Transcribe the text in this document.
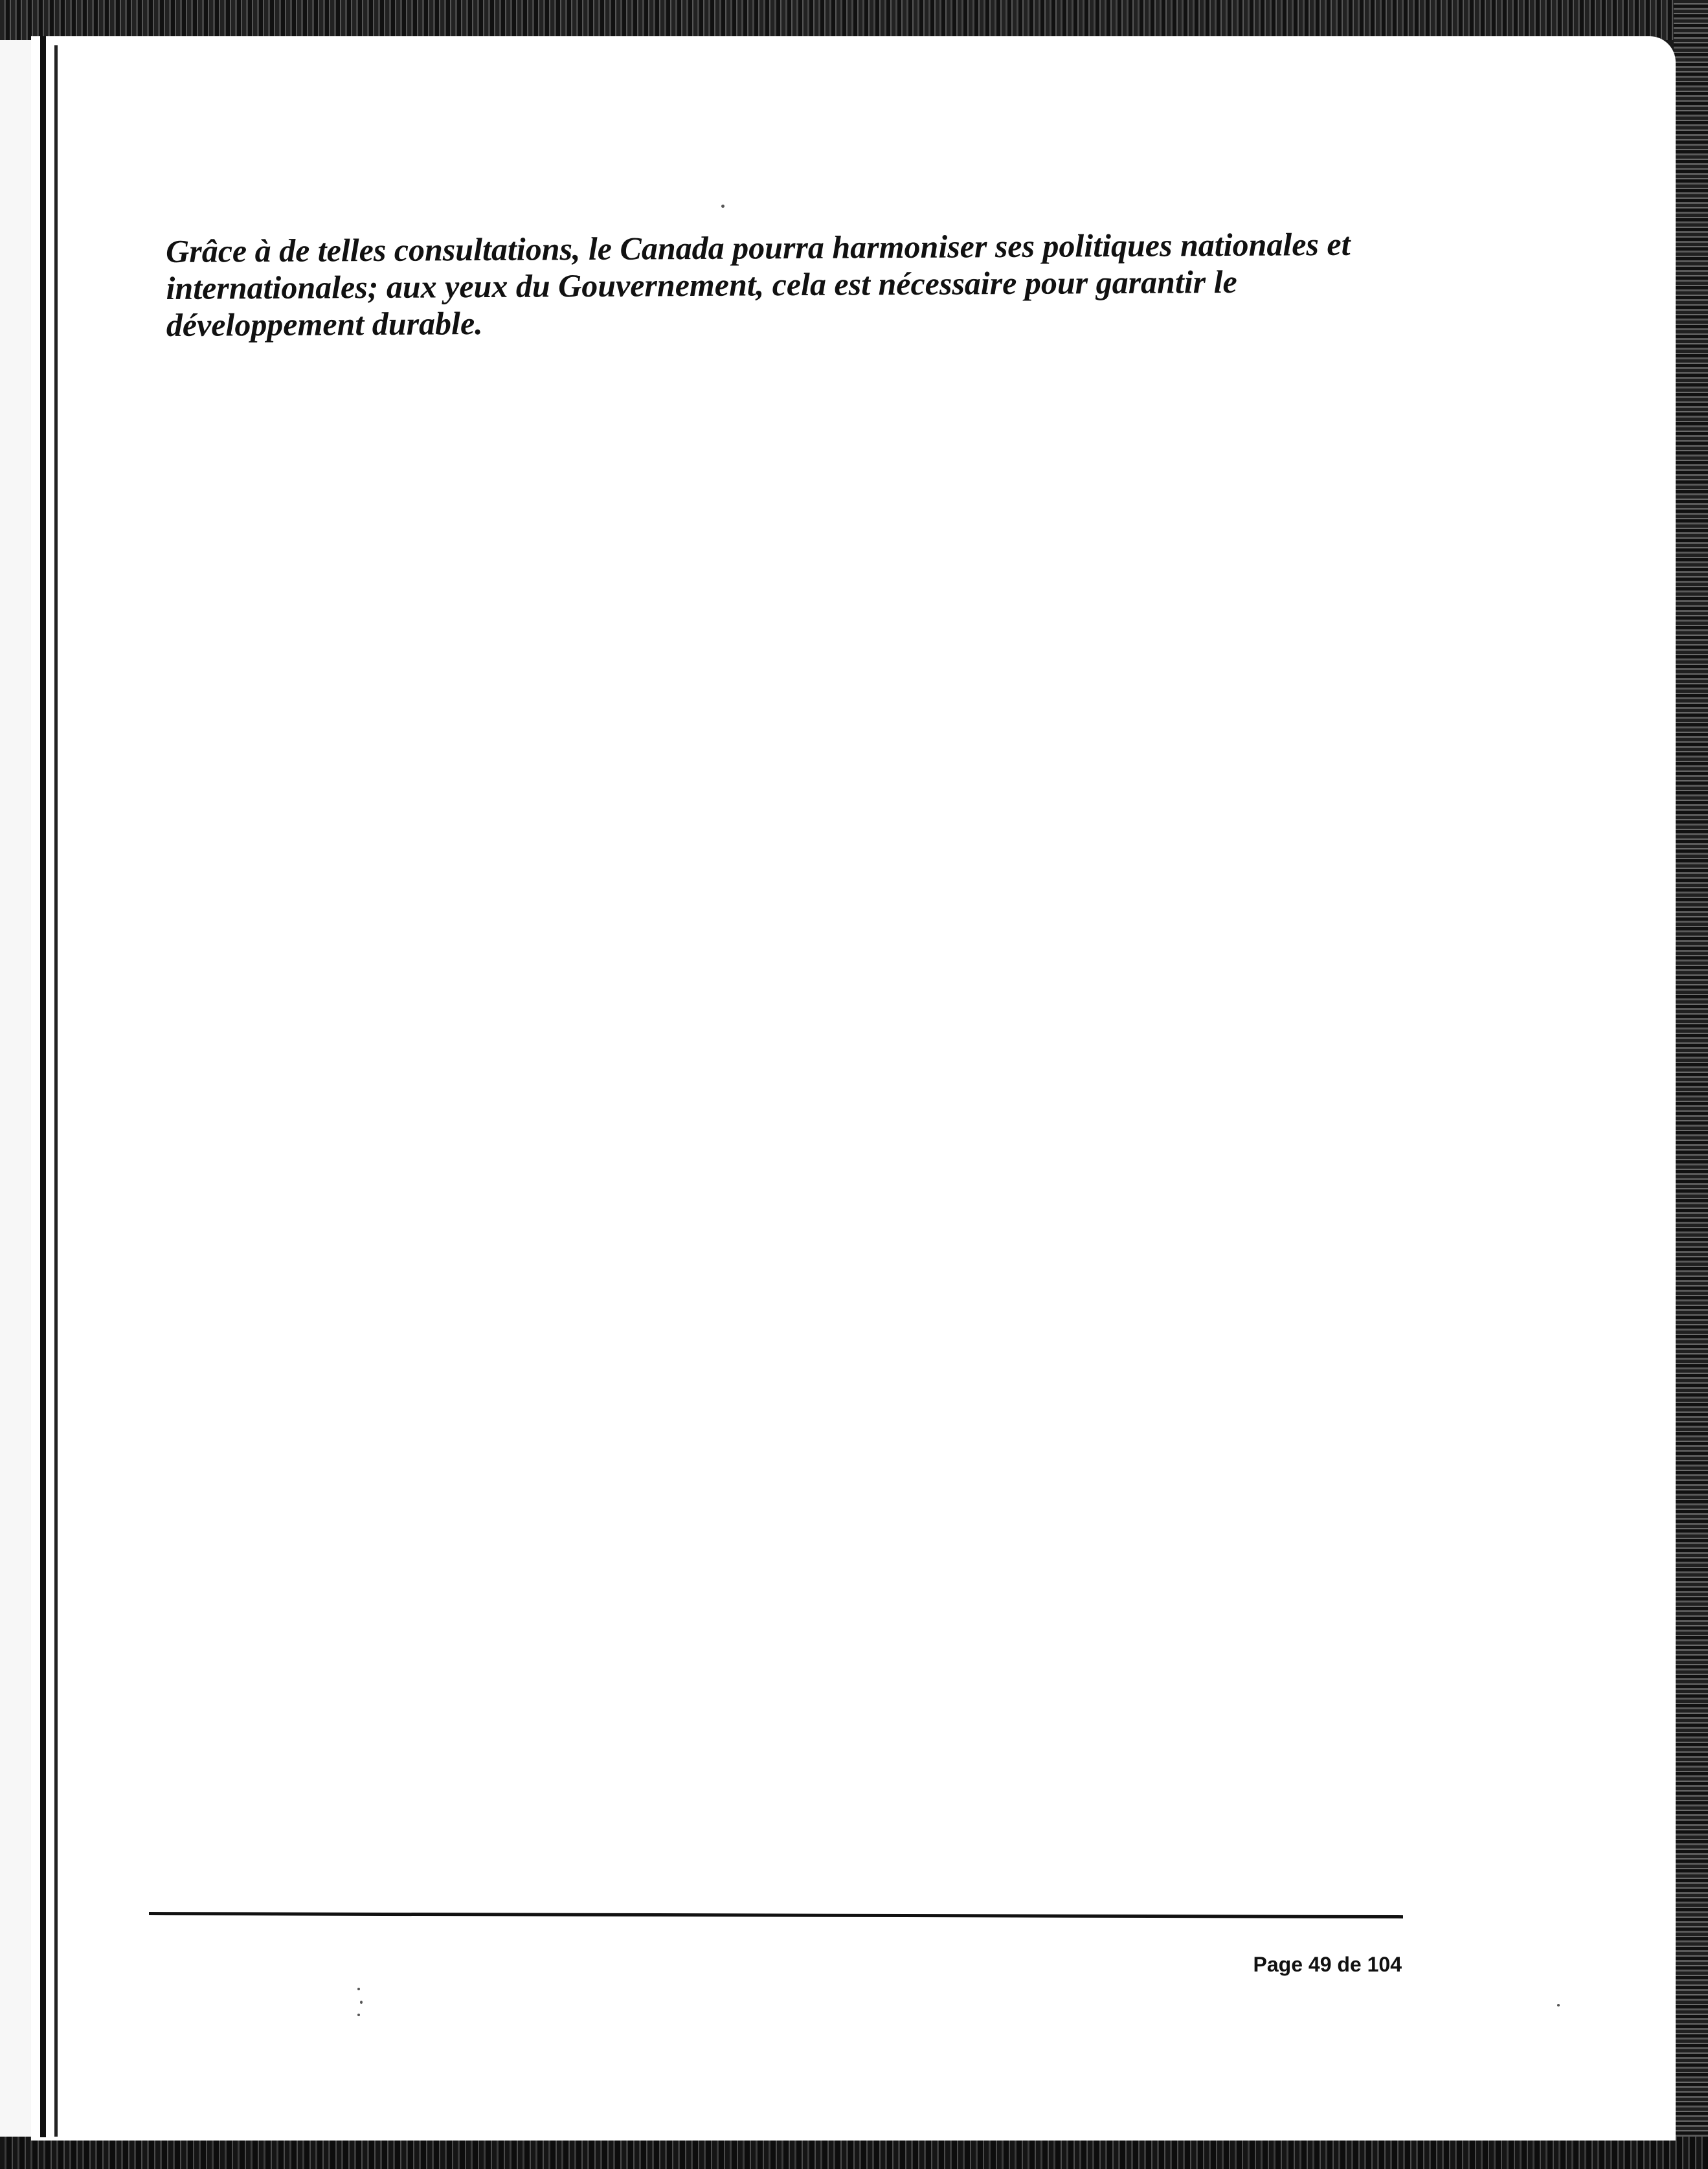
Grâce à de telles consultations, le Canada pourra harmoniser ses politiques nationales et
internationales; aux yeux du Gouvernement, cela est nécessaire pour garantir le
développement durable.

Page 49 de 104
